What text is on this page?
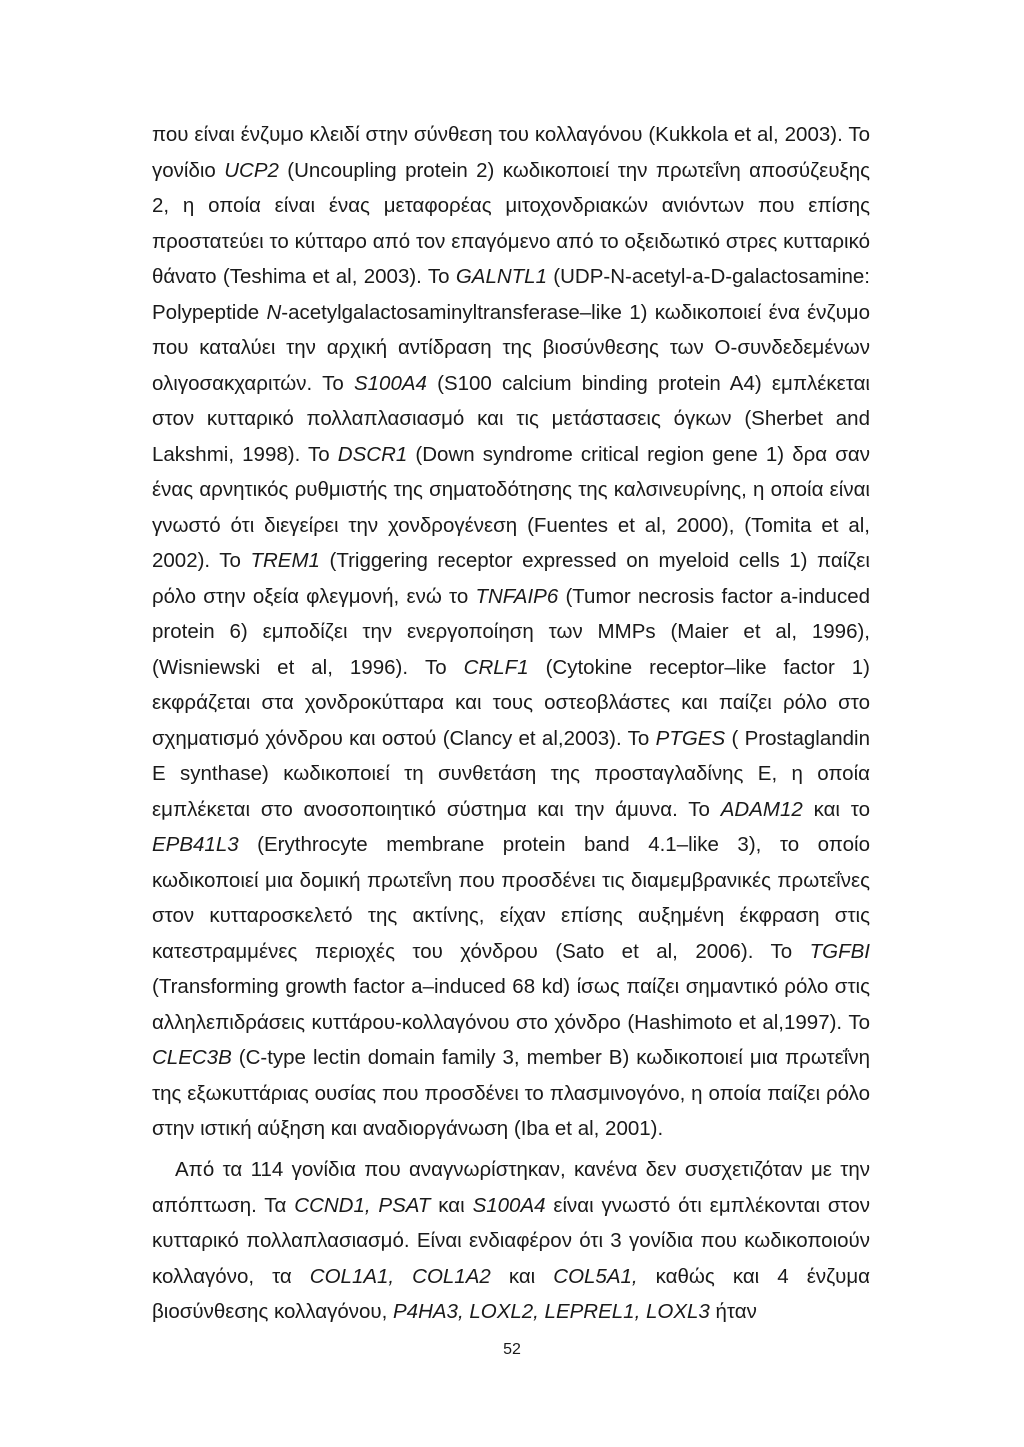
που είναι ένζυμο κλειδί στην σύνθεση του κολλαγόνου (Kukkola et al, 2003). Το γονίδιο UCP2 (Uncoupling protein 2) κωδικοποιεί την πρωτεΐνη αποσύζευξης 2, η οποία είναι ένας μεταφορέας μιτοχονδριακών ανιόντων που επίσης προστατεύει το κύτταρο από τον επαγόμενο από το οξειδωτικό στρες κυτταρικό θάνατο (Teshima et al, 2003). Το GALNTL1 (UDP-N-acetyl-a-D-galactosamine: Polypeptide N-acetylgalactosaminyltransferase–like 1) κωδικοποιεί ένα ένζυμο που καταλύει την αρχική αντίδραση της βιοσύνθεσης των O-συνδεδεμένων ολιγοσακχαριτών. Το S100A4 (S100 calcium binding protein A4) εμπλέκεται στον κυτταρικό πολλαπλασιασμό και τις μετάστασεις όγκων (Sherbet and Lakshmi, 1998). Το DSCR1 (Down syndrome critical region gene 1) δρα σαν ένας αρνητικός ρυθμιστής της σηματοδότησης της καλσινευρίνης, η οποία είναι γνωστό ότι διεγείρει την χονδρογένεση (Fuentes et al, 2000), (Tomita et al, 2002). Το TREM1 (Triggering receptor expressed on myeloid cells 1) παίζει ρόλο στην οξεία φλεγμονή, ενώ το TNFAIP6 (Tumor necrosis factor a-induced protein 6) εμποδίζει την ενεργοποίηση των MMPs (Maier et al, 1996), (Wisniewski et al, 1996). Το CRLF1 (Cytokine receptor–like factor 1) εκφράζεται στα χονδροκύτταρα και τους οστεοβλάστες και παίζει ρόλο στο σχηματισμό χόνδρου και οστού (Clancy et al,2003). Το PTGES ( Prostaglandin E synthase) κωδικοποιεί τη συνθετάση της προσταγλαδίνης E, η οποία εμπλέκεται στο ανοσοποιητικό σύστημα και την άμυνα. Το ADAM12 και το EPB41L3 (Erythrocyte membrane protein band 4.1–like 3), το οποίο κωδικοποιεί μια δομική πρωτεΐνη που προσδένει τις διαμεμβρανικές πρωτεΐνες στον κυτταροσκελετό της ακτίνης, είχαν επίσης αυξημένη έκφραση στις κατεστραμμένες περιοχές του χόνδρου (Sato et al, 2006). Το TGFBI (Transforming growth factor a–induced 68 kd) ίσως παίζει σημαντικό ρόλο στις αλληλεπιδράσεις κυττάρου-κολλαγόνου στο χόνδρο (Hashimoto et al,1997). Το CLEC3B (C-type lectin domain family 3, member B) κωδικοποιεί μια πρωτεΐνη της εξωκυττάριας ουσίας που προσδένει το πλασμινογόνο, η οποία παίζει ρόλο στην ιστική αύξηση και αναδιοργάνωση (Iba et al, 2001).

Από τα 114 γονίδια που αναγνωρίστηκαν, κανένα δεν συσχετιζόταν με την απόπτωση. Τα CCND1, PSAT και S100A4 είναι γνωστό ότι εμπλέκονται στον κυτταρικό πολλαπλασιασμό. Είναι ενδιαφέρον ότι 3 γονίδια που κωδικοποιούν κολλαγόνο, τα COL1A1, COL1A2 και COL5A1, καθώς και 4 ένζυμα βιοσύνθεσης κολλαγόνου, P4HA3, LOXL2, LEPREL1, LOXL3 ήταν

52
